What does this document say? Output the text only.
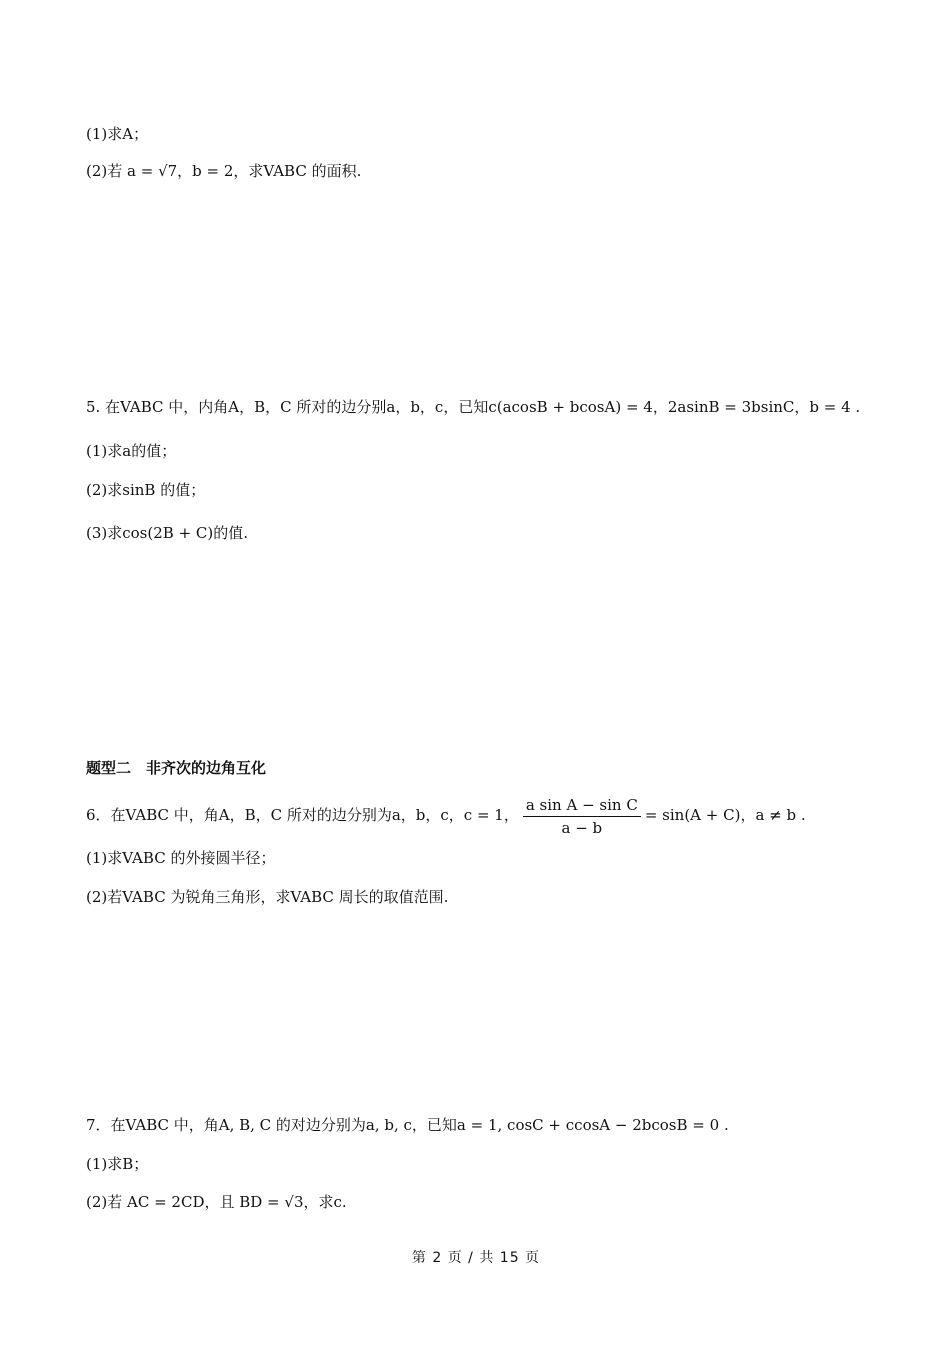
(1)求A；
(2)若 a = √7，b = 2，求VABC 的面积.
5. 在VABC 中，内角A，B，C 所对的边分别a，b，c，已知c(acosB + bcosA) = 4，2asinB = 3bsinC，b = 4 .
(1)求a的值；
(2)求sinB 的值；
(3)求cos(2B + C)的值.
题型二　非齐次的边角互化
6．在VABC 中，角A，B，C 所对的边分别为a，b，c，c = 1， $\frac{\text{a sin A − sin C}}{a - b} = \sin(A + C)$，a ≠ b .
(1)求VABC 的外接圆半径；
(2)若VABC 为锐角三角形，求VABC 周长的取值范围.
7．在VABC 中，角A, B, C 的对边分别为a, b, c，已知a = 1, cosC + ccosA − 2bcosB = 0 .
(1)求B；
(2)若 AC = 2CD，且 BD = √3，求c.
第 2 页 / 共 15 页
